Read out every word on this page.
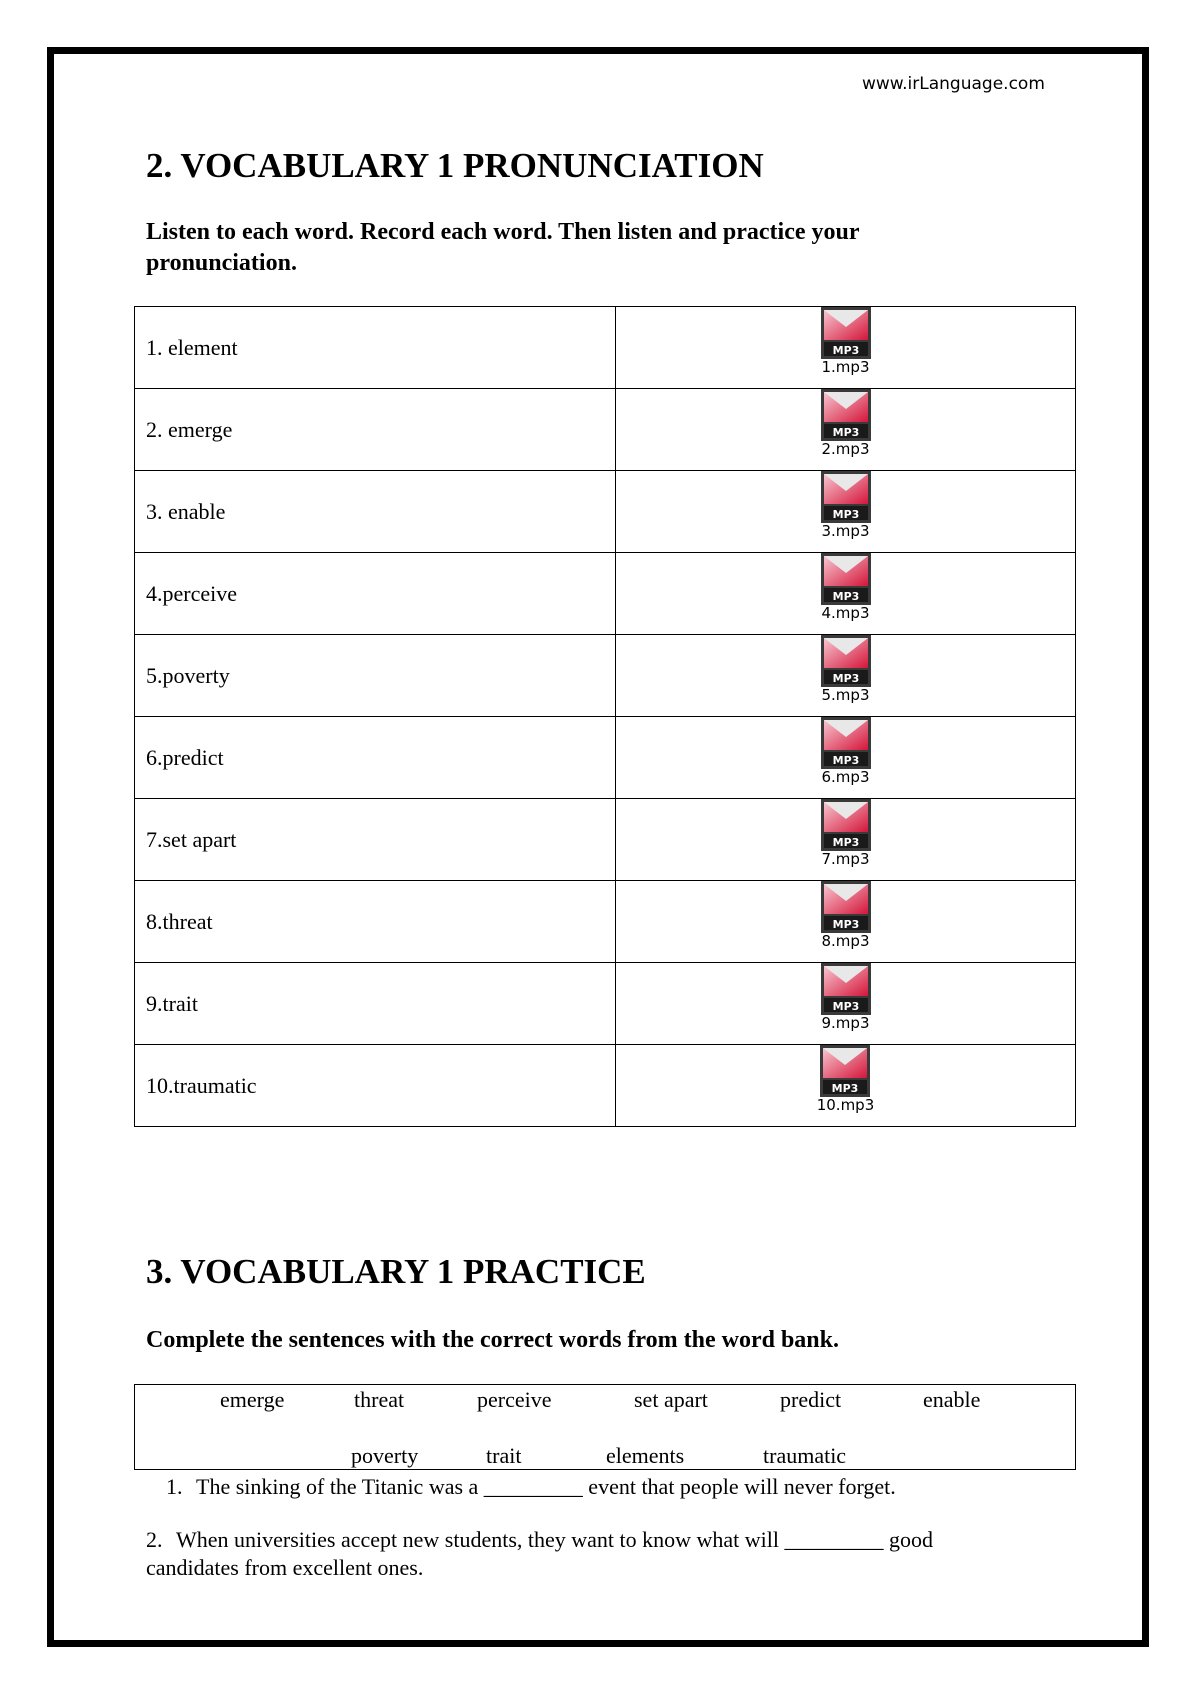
www.irLanguage.com
2. VOCABULARY 1 PRONUNCIATION
Listen to each word. Record each word. Then listen and practice your pronunciation.
1. element	MP3
1.mp3

2. emerge	MP3
2.mp3

3. enable	MP3
3.mp3

4.perceive	MP3
4.mp3

5.poverty	MP3
5.mp3

6.predict	MP3
6.mp3

7.set apart	MP3
7.mp3

8.threat	MP3
8.mp3

9.trait	MP3
9.mp3

10.traumatic	MP3
10.mp3
3. VOCABULARY 1 PRACTICE
Complete the sentences with the correct words from the word bank.
emerge	threat	perceive	set apart	predict	enable
poverty	trait	elements	traumatic
1. The sinking of the Titanic was a _________ event that people will never forget.
2. When universities accept new students, they want to know what will _________ good
candidates from excellent ones.
